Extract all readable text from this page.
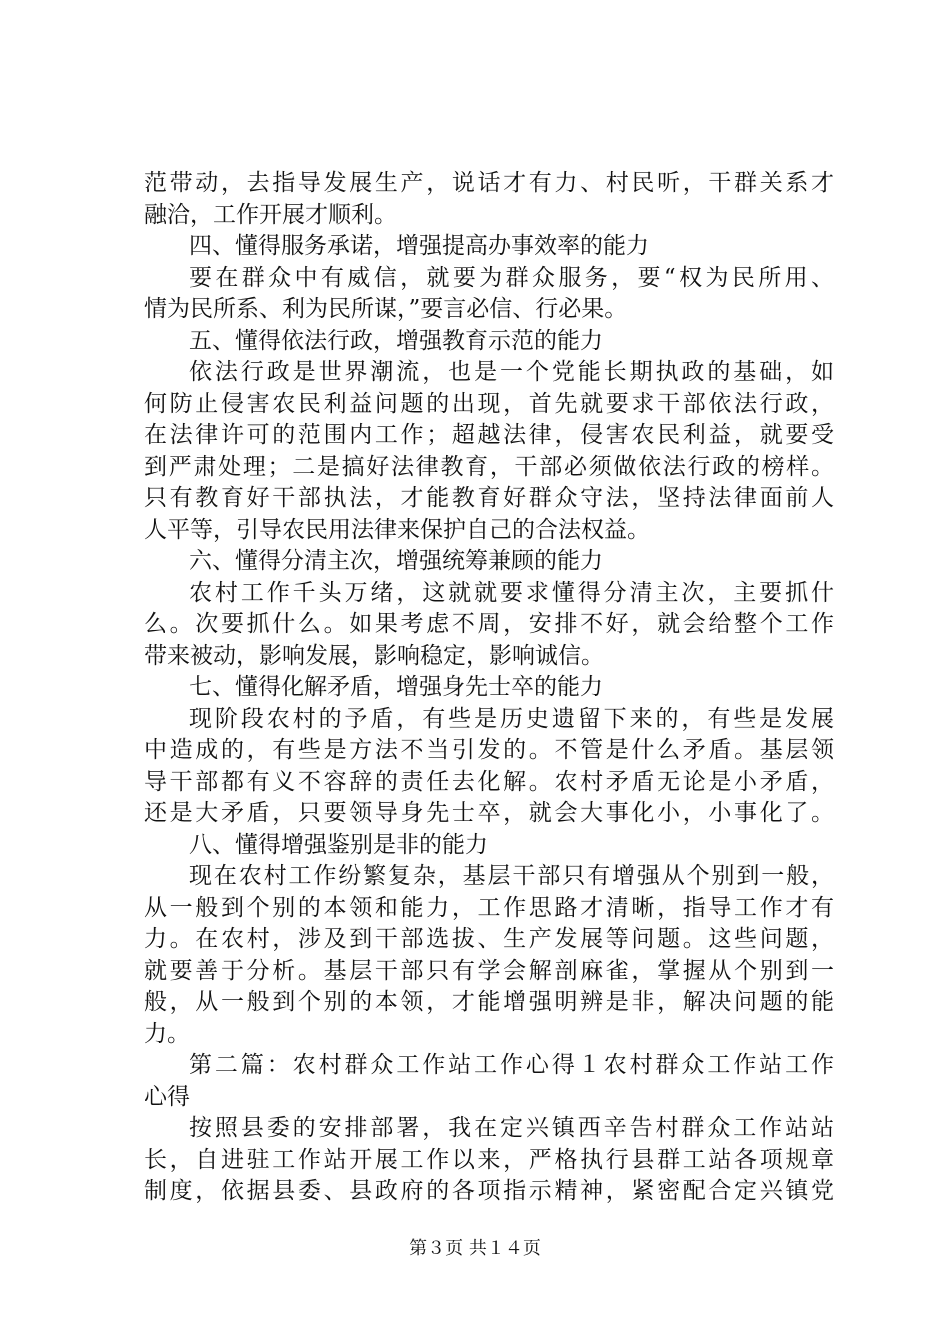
范带动，去指导发展生产，说话才有力、村民听，干群关系才
融洽，工作开展才顺利。
四、懂得服务承诺，增强提高办事效率的能力
要在群众中有威信，就要为群众服务，要“权为民所用、
情为民所系、利为民所谋，”要言必信、行必果。
五、懂得依法行政，增强教育示范的能力
依法行政是世界潮流，也是一个党能长期执政的基础，如
何防止侵害农民利益问题的出现，首先就要求干部依法行政，
在法律许可的范围内工作；超越法律，侵害农民利益，就要受
到严肃处理；二是搞好法律教育，干部必须做依法行政的榜样。
只有教育好干部执法，才能教育好群众守法，坚持法律面前人
人平等，引导农民用法律来保护自己的合法权益。
六、懂得分清主次，增强统筹兼顾的能力
农村工作千头万绪，这就就要求懂得分清主次，主要抓什
么。次要抓什么。如果考虑不周，安排不好，就会给整个工作
带来被动，影响发展，影响稳定，影响诚信。
七、懂得化解矛盾，增强身先士卒的能力
现阶段农村的予盾，有些是历史遗留下来的，有些是发展
中造成的，有些是方法不当引发的。不管是什么矛盾。基层领
导干部都有义不容辞的责任去化解。农村矛盾无论是小矛盾，
还是大矛盾，只要领导身先士卒，就会大事化小，小事化了。
八、懂得增强鉴别是非的能力
现在农村工作纷繁复杂，基层干部只有增强从个别到一般，
从一般到个别的本领和能力，工作思路才清晰，指导工作才有
力。在农村，涉及到干部选拔、生产发展等问题。这些问题，
就要善于分析。基层干部只有学会解剖麻雀，掌握从个别到一
般，从一般到个别的本领，才能增强明辨是非，解决问题的能
力。
第二篇：农村群众工作站工作心得１农村群众工作站工作
心得
按照县委的安排部署，我在定兴镇西辛告村群众工作站站
长，自进驻工作站开展工作以来，严格执行县群工站各项规章
制度，依据县委、县政府的各项指示精神，紧密配合定兴镇党
第３页 共１４页
